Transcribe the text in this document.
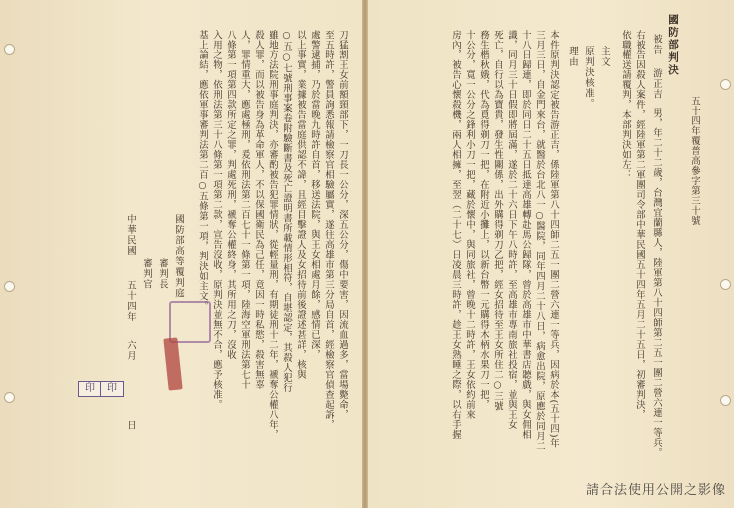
國防部判決
五十四年覆普高參字第三十號
被告
游正吉
男，年二十二歲，台灣宜蘭縣人，陸軍第八十四師第二五一團二營六連一等兵。
右被告因殺人案件，經陸軍第二軍團司令部中華民國五十四年五月二十五日，初審判決，
依職權送請覆判，本部判決如左：
主文
原判決核准。
理由
本件原判決認定被告游正吉，係陸軍第八十四師二五一團二營六連一等兵，因病於本(五十四)年
三月三日，自金門來台，就醫於台北八一○醫院，同年四月二十八日，病愈出院，原應於同月二
十八日歸連，即於同日二十五日抵達高雄轉赴馬公歸隊，曾於高雄市中華書店聽戲，與女佣相
識，同月三十日假即將屆滿，遂於二十六日下午八時許，至高雄市專南旅社投宿，並與王女
死亡，自行以為寶貴，發生性關係，出外購得剃刀乙把，經女招待至王女所住二○三號
務生楷秋娥，代為覓得剃刀一把，在附近小攤上，以新台幣一元購得木柄水果刀一把，
十公分，寬一公分之鋒利小刀一把，藏於懷中，與同旅社，曾晚十二時許，王女依約前來
房內，被告心懷殺機，兩人相擁，至翌（二十七）日凌晨三時許，趁王女熟睡之際，以右手握
刀猛割王女前額頸部下，一刀長一公分，深五公分，傷中要害，因流血過多，當場斃命，
至五時許，警員詢悉報請檢察官相驗屬實，遂往高雄市第三分局自首，經檢察官偵查起訴，
處警逮捕，乃於當晚九時許自首，移送法院，與王女相處月餘，感情已深，
以上事實，業據被告當庭供認不諱，且經目擊證人及女招待前後證述甚詳，核與
○五○七號刑事案卷附驗斷書及死亡證明書所載情形相符，自堪認定，其殺人犯行
雖地方法院刑事庭判決，亦審酌被告犯罪情狀，從輕量刑，有期徒刑十二年，褫奪公權八年，
殺人罪，而以被告身為革命軍人，不以保國衛民為己任，竟因一時私慾，殺害無辜
人，罪情重大，應處極刑，爰依刑法第二百七十一條第一項，陸海空軍刑法第七十
八條第一項第四款所定之罪，判處死刑，褫奪公權終身，其所用之刀，沒收
入用之物，依刑法第三十八條第一項第二款，宣告沒收，原判決並無不合，應予核准。
基上論結，應依軍事審判法第二百○五條第一項，判決如主文。
國防部高等覆判庭
審判長
審判官
中華民國
五十四年
六月
日
印	印
請合法使用公開之影像
